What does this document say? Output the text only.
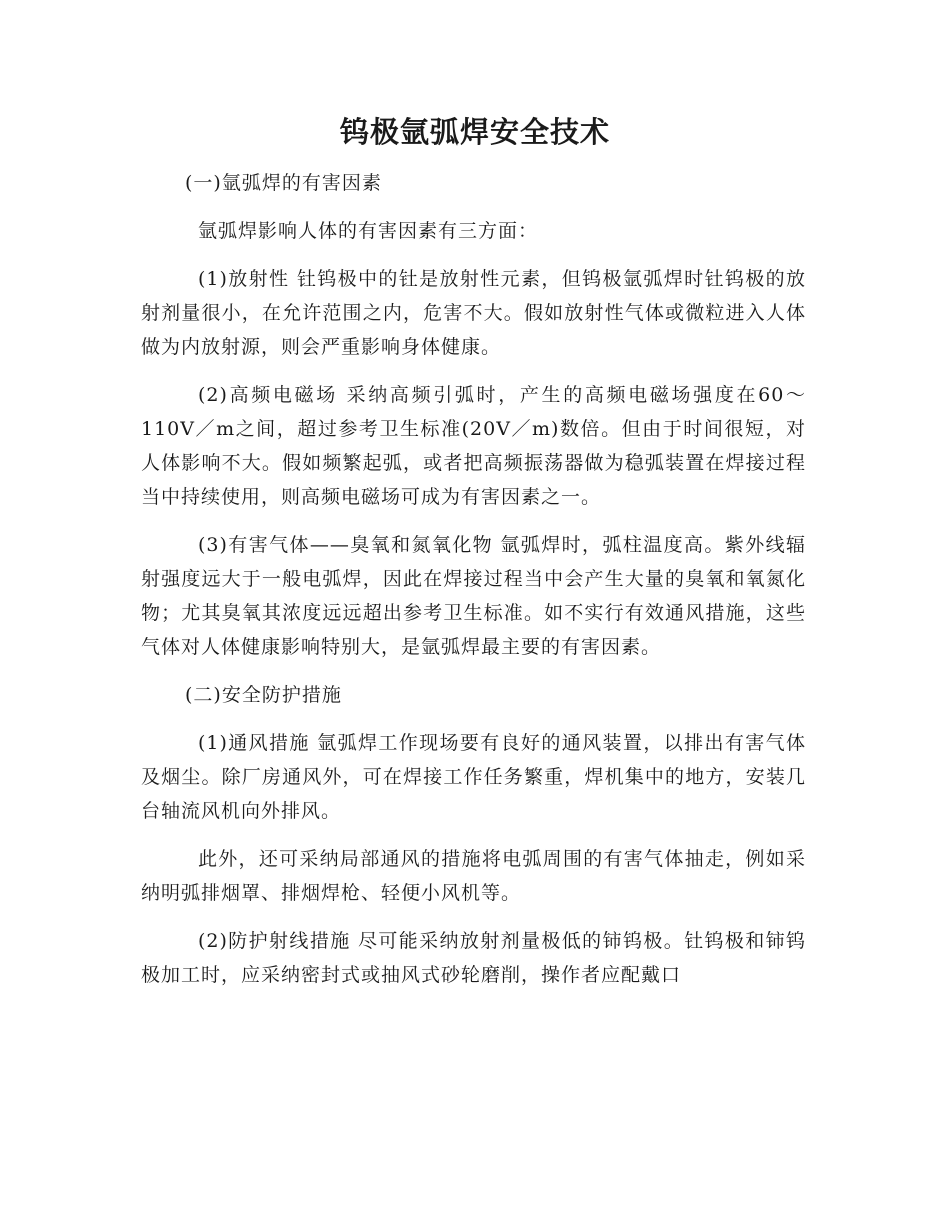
钨极氩弧焊安全技术

(一)氩弧焊的有害因素

氩弧焊影响人体的有害因素有三方面：

(1)放射性 钍钨极中的钍是放射性元素，但钨极氩弧焊时钍钨极的放射剂量很小，在允许范围之内，危害不大。假如放射性气体或微粒进入人体做为内放射源，则会严重影响身体健康。

(2)高频电磁场 采纳高频引弧时，产生的高频电磁场强度在60～110V／m之间，超过参考卫生标准(20V／m)数倍。但由于时间很短，对人体影响不大。假如频繁起弧，或者把高频振荡器做为稳弧装置在焊接过程当中持续使用，则高频电磁场可成为有害因素之一。

(3)有害气体——臭氧和氮氧化物 氩弧焊时，弧柱温度高。紫外线辐射强度远大于一般电弧焊，因此在焊接过程当中会产生大量的臭氧和氧氮化物；尤其臭氧其浓度远远超出参考卫生标准。如不实行有效通风措施，这些气体对人体健康影响特别大，是氩弧焊最主要的有害因素。

(二)安全防护措施

(1)通风措施 氩弧焊工作现场要有良好的通风装置，以排出有害气体及烟尘。除厂房通风外，可在焊接工作任务繁重，焊机集中的地方，安装几台轴流风机向外排风。

此外，还可采纳局部通风的措施将电弧周围的有害气体抽走，例如采纳明弧排烟罩、排烟焊枪、轻便小风机等。

(2)防护射线措施 尽可能采纳放射剂量极低的铈钨极。钍钨极和铈钨极加工时，应采纳密封式或抽风式砂轮磨削，操作者应配戴口
